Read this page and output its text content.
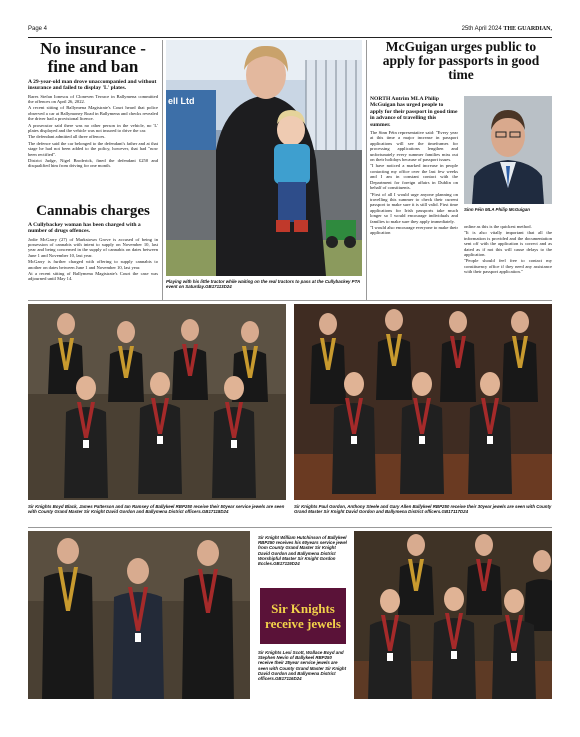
Page 4	25th April 2024 THE GUARDIAN,
No insurance - fine and ban
A 29-year-old man drove unaccompanied and without insurance and failed to display 'L' plates.

Rares Stefan Ionescu of Cloneven Terrace in Ballymena committed the offences on April 26, 2022.

A recent sitting of Ballymena Magistrate's Court heard that police observed a car at Ballymoney Road in Ballymena and checks revealed the driver had a provisional licence.

A prosecutor said there was no other person in the vehicle, no 'L' plates displayed and the vehicle was not insured to drive the car.

The defendant admitted all three offences.

The defence said the car belonged to the defendant's father and at that stage he had not been added to the policy, however, that had "now been rectified".

District Judge, Nigel Broderick, fined the defendant £250 and disqualified him from driving for one month.

Cannabis charges
A Cullybackey woman has been charged with a number of drugs offences.

Jodie McGarry (27) of Markstown Grove is accused of being in possession of cannabis with intent to supply on November 10, last year and being concerned in the supply of cannabis on dates between June 1 and November 10, last year.

McGarry is further charged with offering to supply cannabis to another on dates between June 1 and November 10, last year.

At a recent sitting of Ballymena Magistrate's Court the case was adjourned until May 14.

ell Ltd
Playing with his little tractor while waiting on the real tractors to pass at the Cullybackey PTA event on Saturday.GB17113D24
McGuigan urges public to apply for passports in good time
NORTH Antrim MLA Philip McGuigan has urged people to apply for their passport in good time in advance of travelling this summer.

The Sinn Féin representative said: "Every year at this time a major increase in passport applications will see the timeframes for processing applications lengthen and unfortunately every summer families miss out on their holidays because of passport issues.

"I have noticed a marked increase in people contacting my office over the last few weeks and I am in constant contact with the Department for foreign affairs in Dublin on behalf of constituents.

"First of all I would urge anyone planning on travelling this summer to check their current passport to make sure it is still valid. First time applications for Irish passports take much longer so I would encourage individuals and families to make sure they apply immediately.

"I would also encourage everyone to make their application

Sinn Féin MLA Philip McGuigan

online as this is the quickest method.

"It is also vitally important that all the information is provided and the documentation sent off with the application is correct and as dated as if not this will cause delays to the application.

"People should feel free to contact my constituency office if they need any assistance with their passport application."

Sir Knights Boyd Black, James Patterson and Ian Ramsey of Ballykeel RBP250 receive their 50year service jewels are seen with County Grand Master Sir Knight David Gordon and Ballymena District officers.GB17118D24
Sir Knights Paul Gordon, Anthony Steele and Gary Allen Ballykeel RBP250 receive their 30year jewels are seen with County Grand Master Sir Knight David Gordon and Ballymena District officers.GB17117D24
Sir Knight William Hutchinson of Ballykeel RBP250 receives his 60years service jewel from County Grand Master Sir Knight David Gordon and Ballymena District Worshipful Master Sir Knight Gordon Eccles.GB17119D24
Sir Knights receive jewels
Sir Knights Lexi Scott, Wallace Boyd and Stephen Nevin of Ballykeel RBP250 receive their 25year service jewels are seen with County Grand Master Sir Knight David Gordon and Ballymena District officers.GB17116D24
